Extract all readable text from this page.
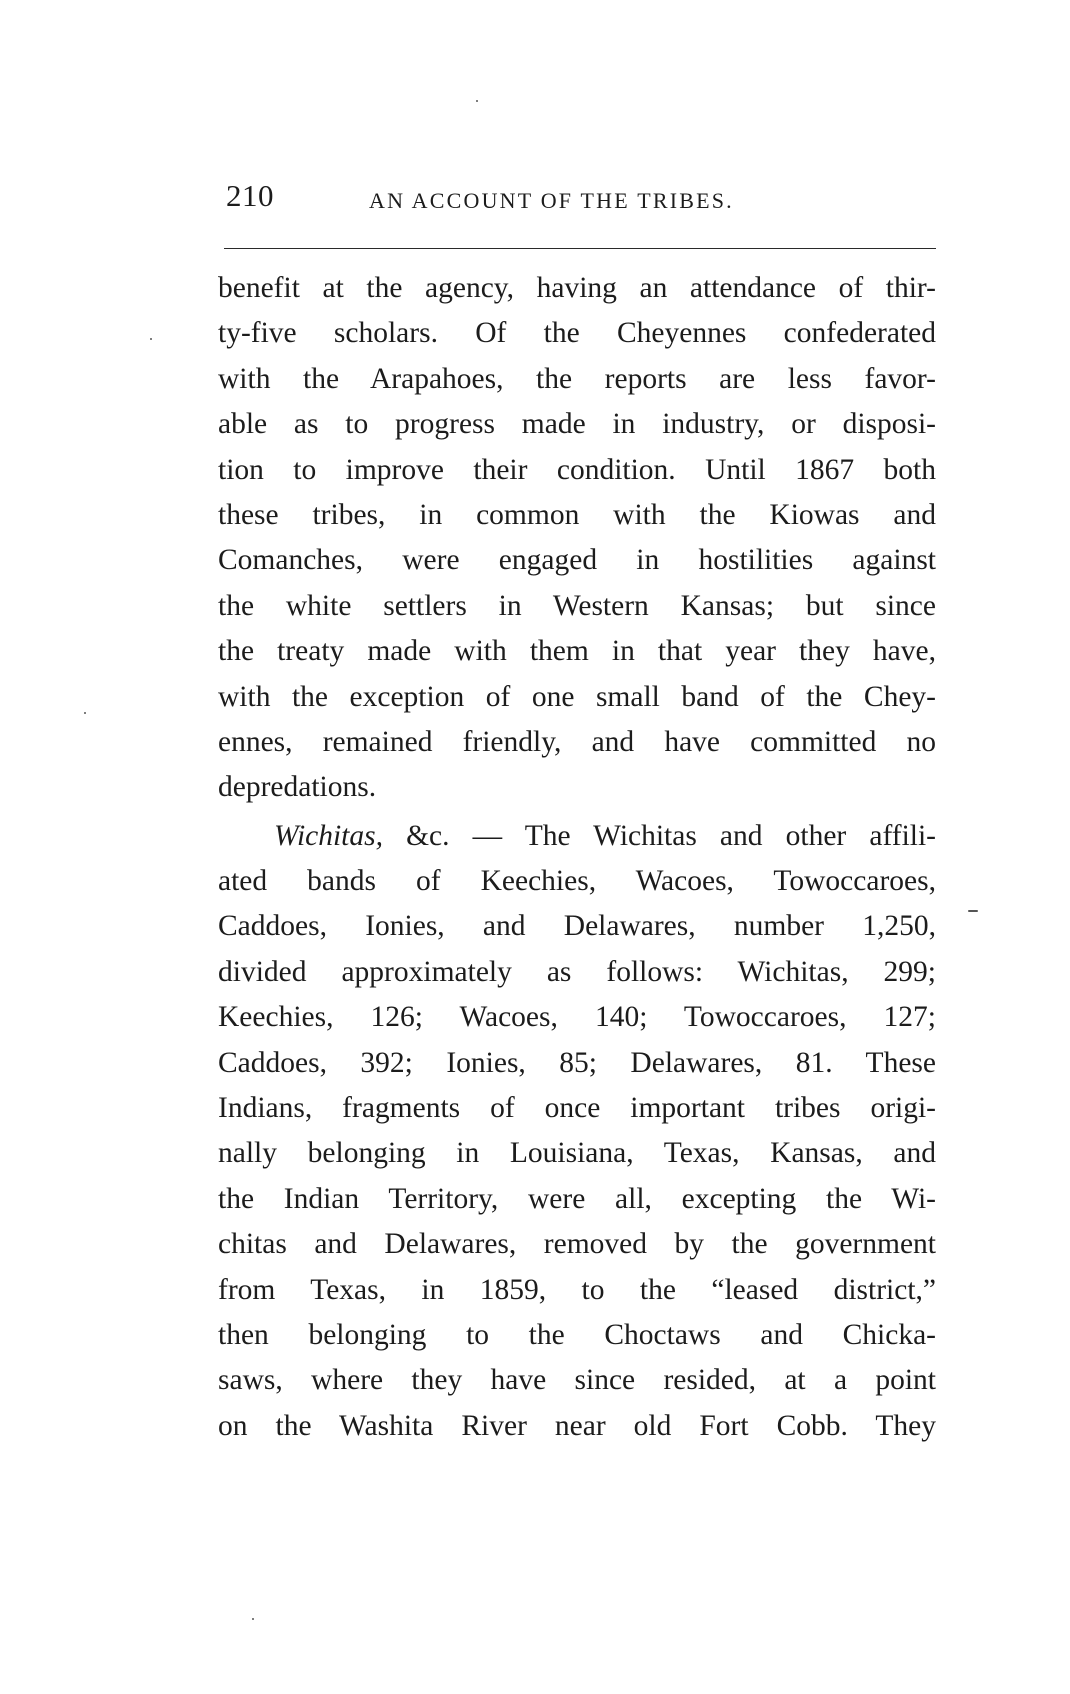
210	AN ACCOUNT OF THE TRIBES.
benefit at the agency, having an attendance of thir-
ty-five scholars. Of the Cheyennes confederated
with the Arapahoes, the reports are less favor-
able as to progress made in industry, or disposi-
tion to improve their condition. Until 1867 both
these tribes, in common with the Kiowas and
Comanches, were engaged in hostilities against
the white settlers in Western Kansas; but since
the treaty made with them in that year they have,
with the exception of one small band of the Chey-
ennes, remained friendly, and have committed no
depredations.
Wichitas, &c. — The Wichitas and other affili-
ated bands of Keechies, Wacoes, Towoccaroes,
Caddoes, Ionies, and Delawares, number 1,250,
divided approximately as follows: Wichitas, 299;
Keechies, 126; Wacoes, 140; Towoccaroes, 127;
Caddoes, 392; Ionies, 85; Delawares, 81. These
Indians, fragments of once important tribes origi-
nally belonging in Louisiana, Texas, Kansas, and
the Indian Territory, were all, excepting the Wi-
chitas and Delawares, removed by the government
from Texas, in 1859, to the “leased district,”
then belonging to the Choctaws and Chicka-
saws, where they have since resided, at a point
on the Washita River near old Fort Cobb. They
